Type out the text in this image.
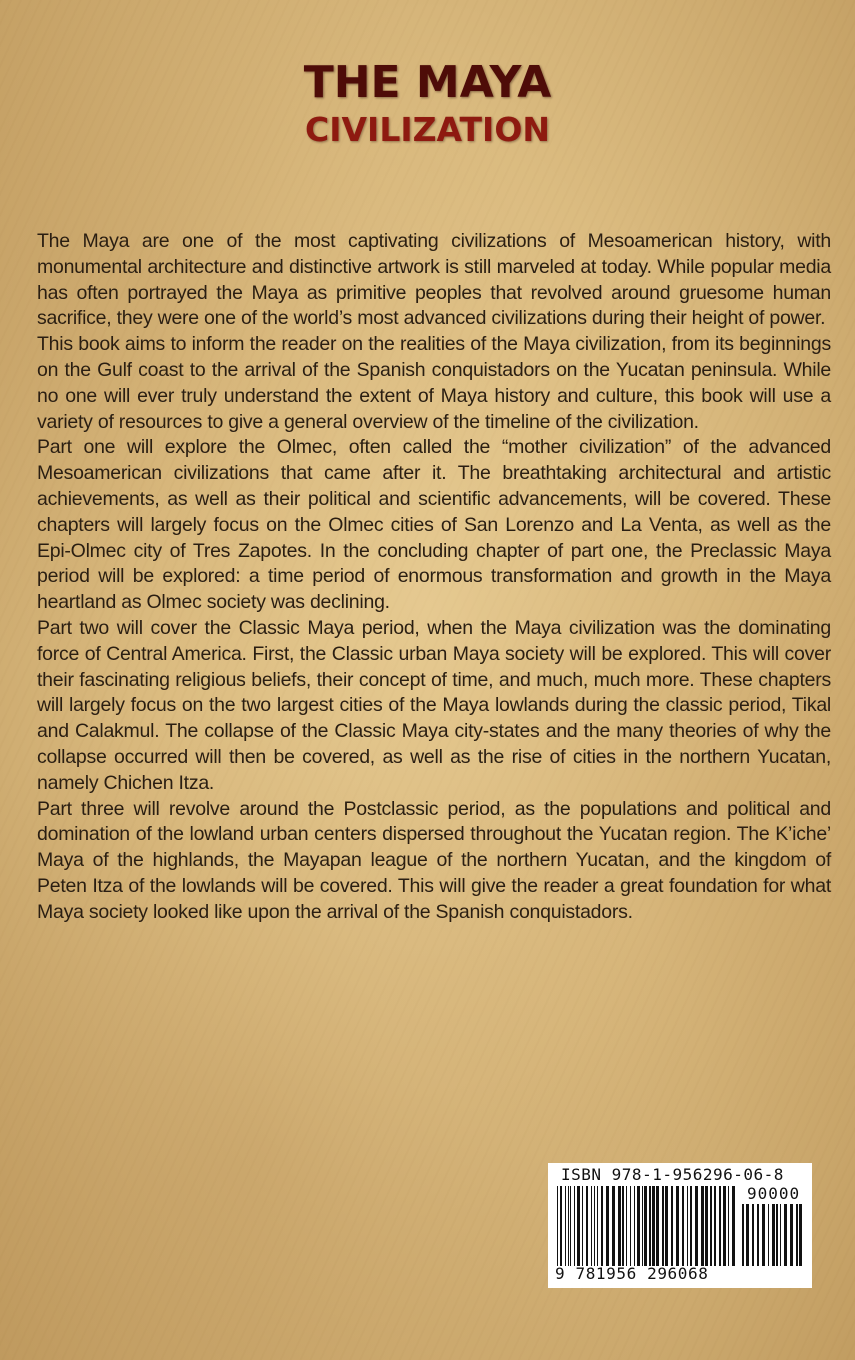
THE MAYA
CIVILIZATION

The Maya are one of the most captivating civilizations of Mesoamerican history, with monumental architecture and distinctive artwork is still marveled at today. While popular media has often portrayed the Maya as primitive peoples that revolved around gruesome human sacrifice, they were one of the world’s most advanced civilizations during their height of power.

This book aims to inform the reader on the realities of the Maya civilization, from its beginnings on the Gulf coast to the arrival of the Spanish conquistadors on the Yucatan peninsula. While no one will ever truly understand the extent of Maya history and culture, this book will use a variety of resources to give a general overview of the timeline of the civilization.

Part one will explore the Olmec, often called the “mother civilization” of the advanced Mesoamerican civilizations that came after it. The breathtaking architectural and artistic achievements, as well as their political and scientific advancements, will be covered. These chapters will largely focus on the Olmec cities of San Lorenzo and La Venta, as well as the Epi-Olmec city of Tres Zapotes. In the concluding chapter of part one, the Preclassic Maya period will be explored: a time period of enormous transformation and growth in the Maya heartland as Olmec society was declining.

Part two will cover the Classic Maya period, when the Maya civilization was the dominating force of Central America. First, the Classic urban Maya society will be explored. This will cover their fascinating religious beliefs, their concept of time, and much, much more. These chapters will largely focus on the two largest cities of the Maya lowlands during the classic period, Tikal and Calakmul. The collapse of the Classic Maya city-states and the many theories of why the collapse occurred will then be covered, as well as the rise of cities in the northern Yucatan, namely Chichen Itza.

Part three will revolve around the Postclassic period, as the populations and political and domination of the lowland urban centers dispersed throughout the Yucatan region. The K’iche’ Maya of the highlands, the Mayapan league of the northern Yucatan, and the kingdom of Peten Itza of the lowlands will be covered. This will give the reader a great foundation for what Maya society looked like upon the arrival of the Spanish conquistadors.

ISBN 978-1-956296-06-8
90000
9 781956 296068
